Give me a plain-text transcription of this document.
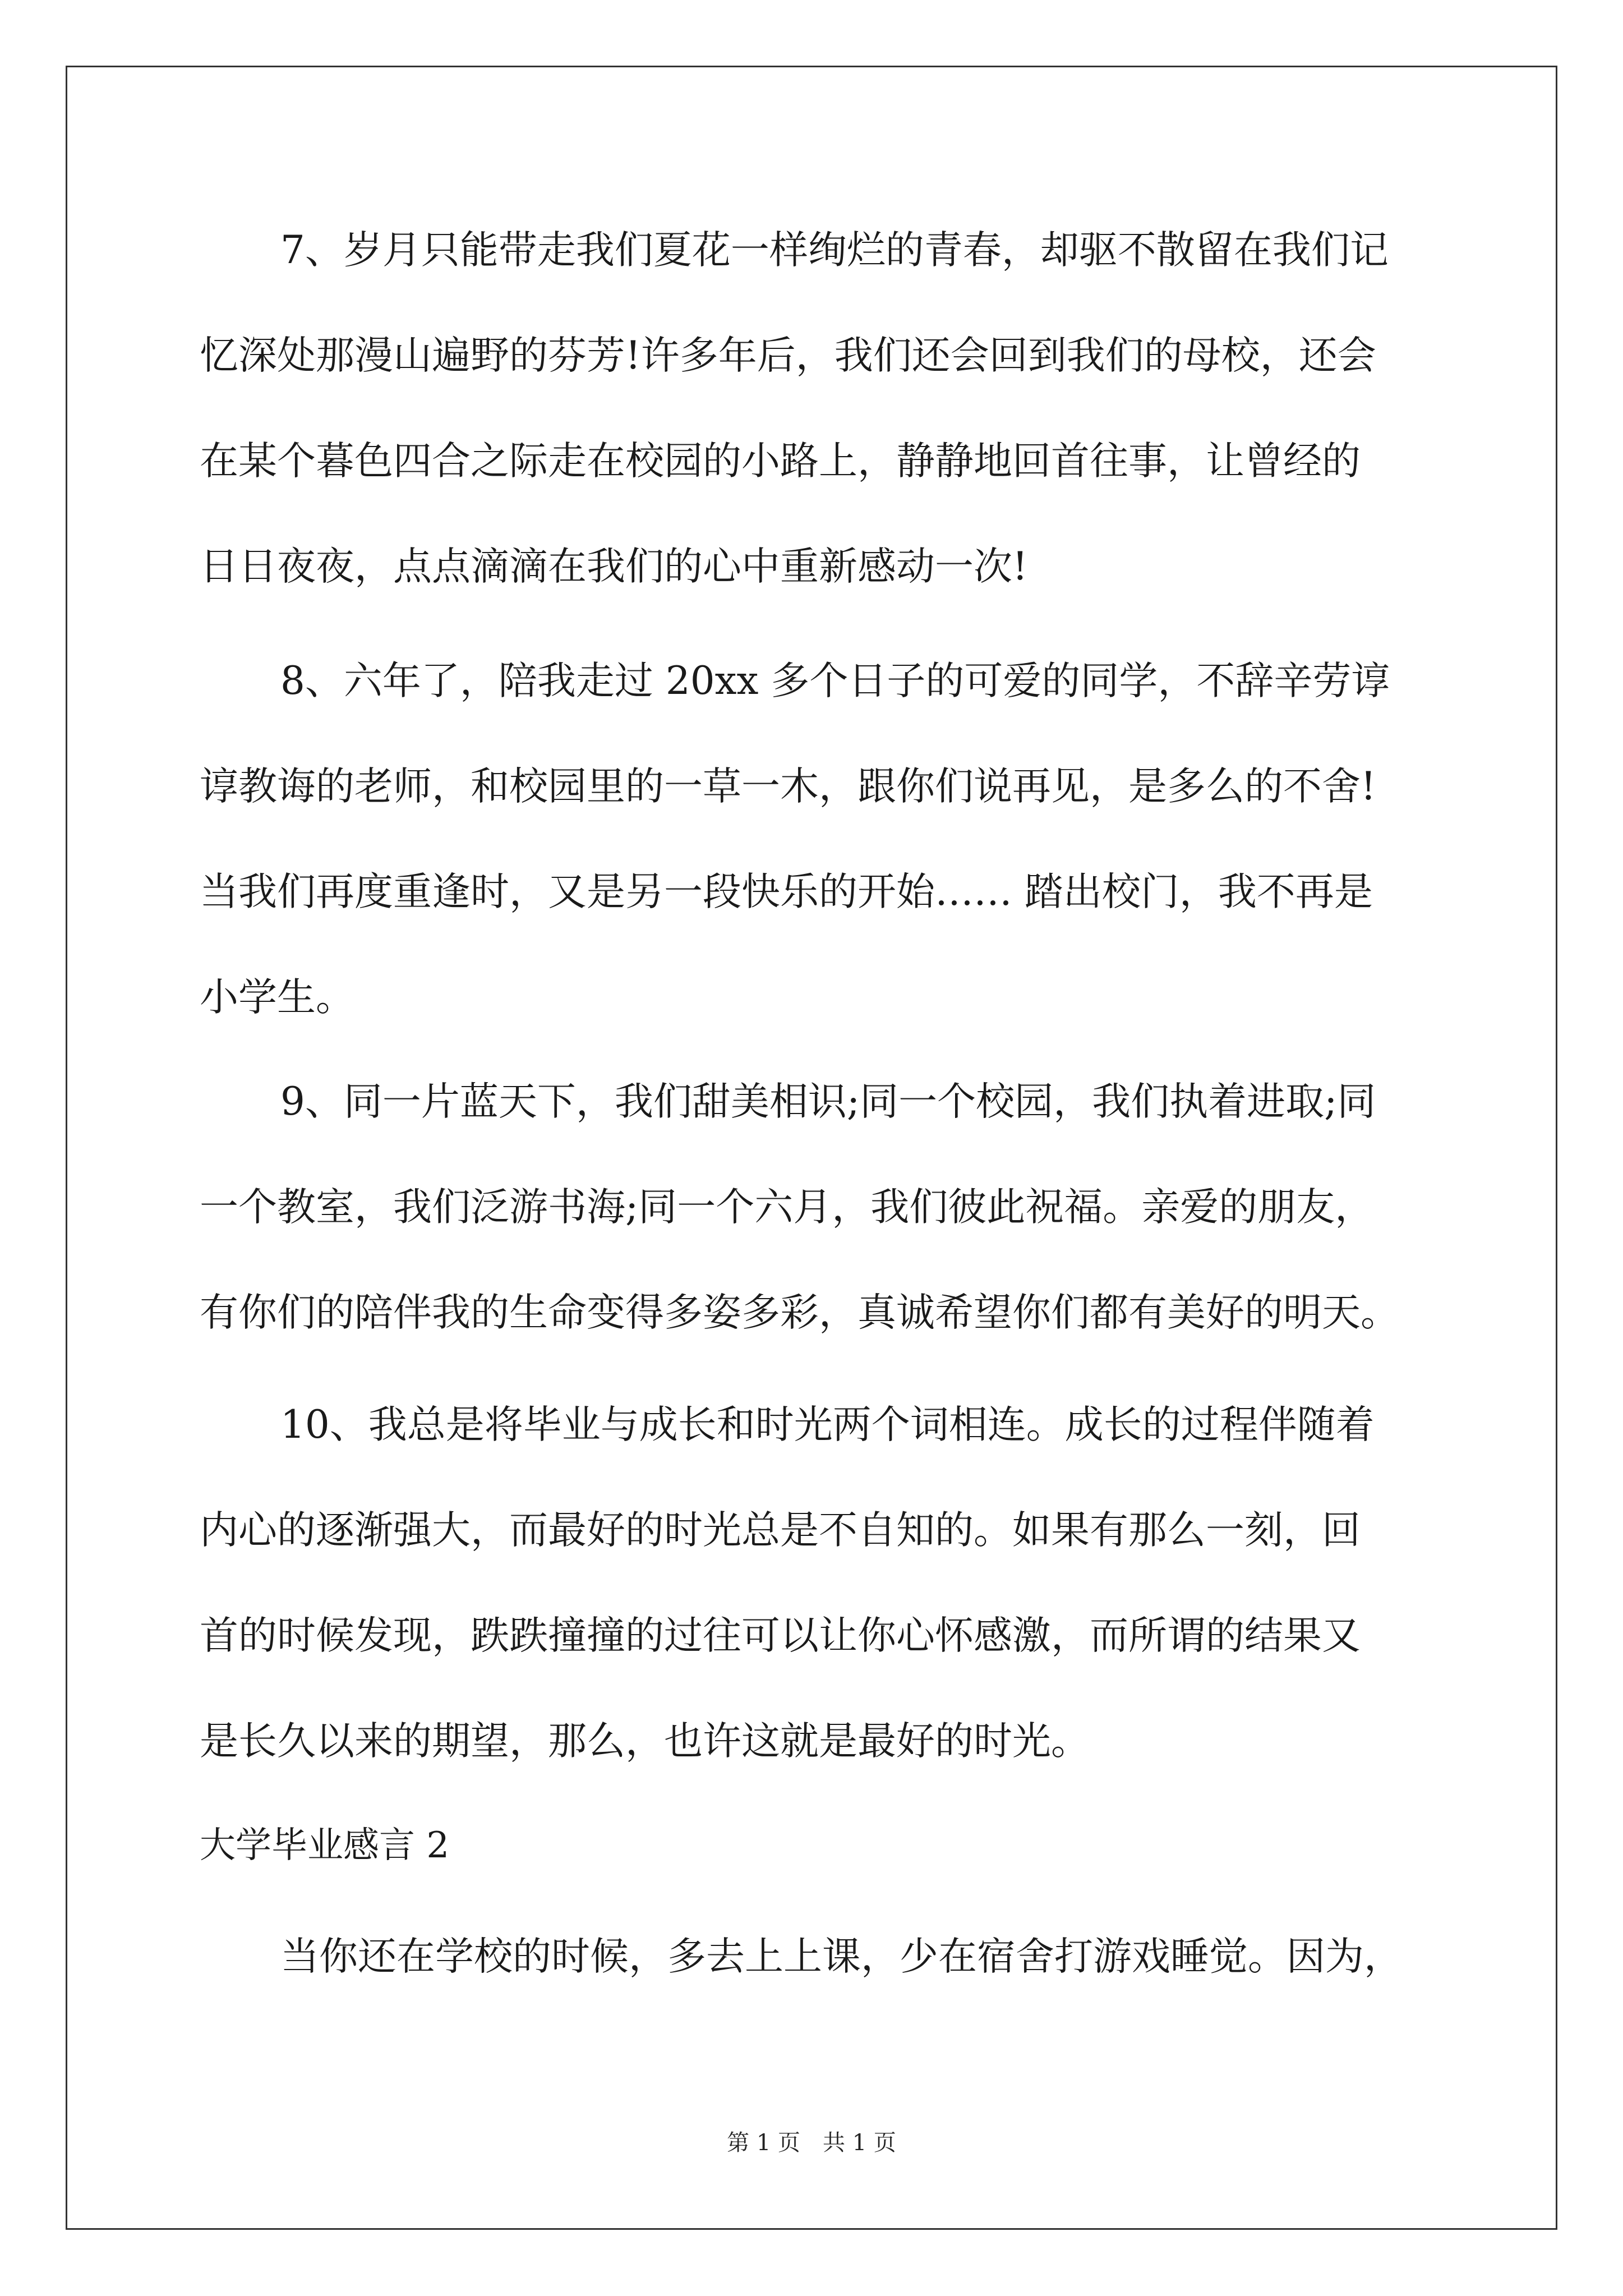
7、岁月只能带走我们夏花一样绚烂的青春，却驱不散留在我们记
忆深处那漫山遍野的芬芳!许多年后，我们还会回到我们的母校，还会
在某个暮色四合之际走在校园的小路上，静静地回首往事，让曾经的
日日夜夜，点点滴滴在我们的心中重新感动一次!
8、六年了，陪我走过 20xx 多个日子的可爱的同学，不辞辛劳谆
谆教诲的老师，和校园里的一草一木，跟你们说再见，是多么的不舍!
当我们再度重逢时，又是另一段快乐的开始…… 踏出校门，我不再是
小学生。
9、同一片蓝天下，我们甜美相识;同一个校园，我们执着进取;同
一个教室，我们泛游书海;同一个六月，我们彼此祝福。亲爱的朋友，
有你们的陪伴我的生命变得多姿多彩，真诚希望你们都有美好的明天。
10、我总是将毕业与成长和时光两个词相连。成长的过程伴随着
内心的逐渐强大，而最好的时光总是不自知的。如果有那么一刻，回
首的时候发现，跌跌撞撞的过往可以让你心怀感激，而所谓的结果又
是长久以来的期望，那么，也许这就是最好的时光。
大学毕业感言 2
当你还在学校的时候，多去上上课，少在宿舍打游戏睡觉。因为，
第 1 页　共 1 页
